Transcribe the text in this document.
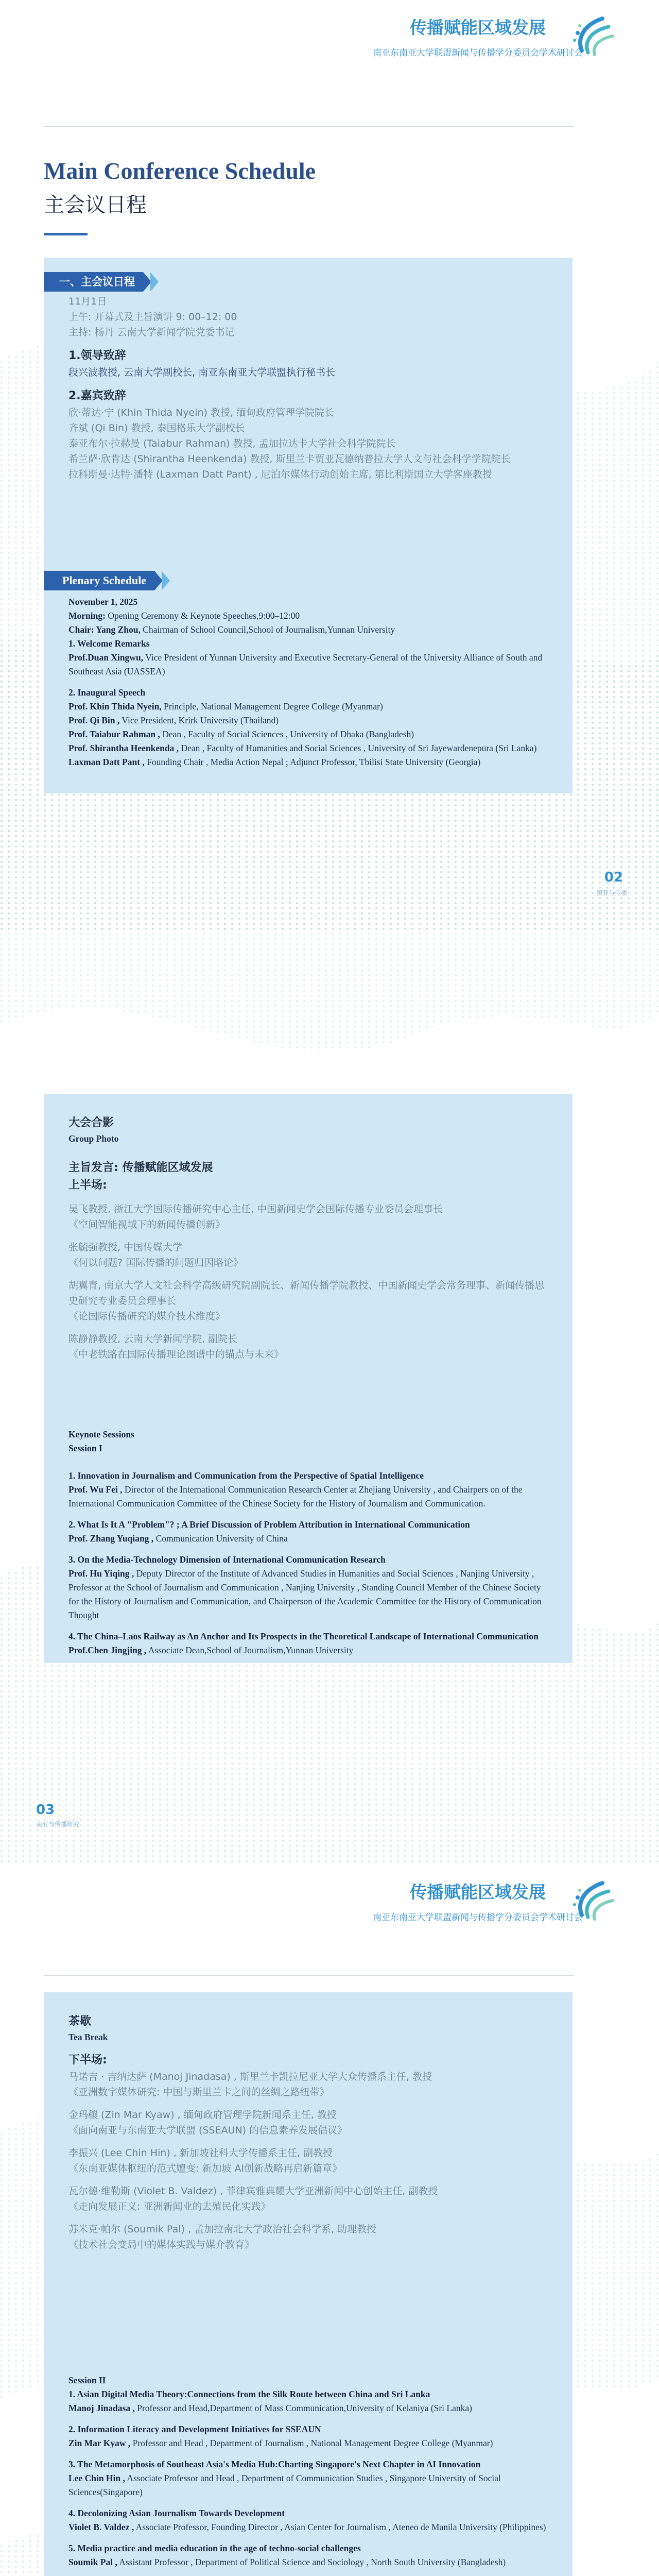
传播赋能区域发展
南亚东南亚大学联盟新闻与传播学分委员会学术研讨会
Main Conference Schedule
主会议日程
一、主会议日程
11月1日
上午: 开幕式及主旨演讲 9: 00–12: 00
主持: 杨丹 云南大学新闻学院党委书记
1.领导致辞
段兴波教授, 云南大学副校长, 南亚东南亚大学联盟执行秘书长
2.嘉宾致辞
欣·蒂达·宁 (Khin Thida Nyein) 教授, 缅甸政府管理学院院长
齐斌 (Qi Bin) 教授, 泰国格乐大学副校长
泰亚布尔·拉赫曼 (Taiabur Rahman) 教授, 孟加拉达卡大学社会科学院院长
希兰萨·欣肯达 (Shirantha Heenkenda) 教授, 斯里兰卡贾亚瓦德纳普拉大学人文与社会科学学院院长
拉科斯曼·达特·潘特 (Laxman Datt Pant) , 尼泊尔媒体行动创始主席, 第比利斯国立大学客座教授
Plenary Schedule
November 1, 2025
Morning: Opening Ceremony & Keynote Speeches,9:00–12:00
Chair: Yang Zhou, Chairman of School Council,School of Journalism,Yunnan University
1. Welcome Remarks
Prof.Duan Xingwu, Vice President of Yunnan University and Executive Secretary-General of the University Alliance of South and Southeast Asia (UASSEA)
2. Inaugural Speech
Prof. Khin Thida Nyein, Principle, National Management Degree College (Myanmar)
Prof. Qi Bin , Vice President, Krirk University (Thailand)
Prof. Taiabur Rahman , Dean , Faculty of Social Sciences , University of Dhaka (Bangladesh)
Prof. Shirantha Heenkenda , Dean , Faculty of Humanities and Social Sciences , University of Sri Jayewardenepura (Sri Lanka)
Laxman Datt Pant , Founding Chair , Media Action Nepal ; Adjunct Professor, Tbilisi State University (Georgia)
02
南亚与传播
大会合影
Group Photo
主旨发言: 传播赋能区域发展
上半场:
吴飞教授, 浙江大学国际传播研究中心主任, 中国新闻史学会国际传播专业委员会理事长
《空间智能视域下的新闻传播创新》
张毓强教授, 中国传媒大学
《何以问题? 国际传播的问题归因略论》
胡翼青, 南京大学人文社会科学高级研究院副院长、新闻传播学院教授、中国新闻史学会常务理事、新闻传播思史研究专业委员会理事长
《论国际传播研究的媒介技术维度》
陈静静教授, 云南大学新闻学院, 副院长
《中老铁路在国际传播理论图谱中的锚点与未来》
Keynote Sessions
Session I
1. Innovation in Journalism and Communication from the Perspective of Spatial Intelligence
Prof. Wu Fei , Director of the International Communication Research Center at Zhejiang University , and Chairpers on of the International Communication Committee of the Chinese Society for the History of Journalism and Communication.
2. What Is It A "Problem"? ; A Brief Discussion of Problem Attribution in International Communication
Prof. Zhang Yuqiang , Communication University of China
3. On the Media-Technology Dimension of International Communication Research
Prof. Hu Yiqing , Deputy Director of the Institute of Advanced Studies in Humanities and Social Sciences , Nanjing University , Professor at the School of Journalism and Communication , Nanjing University , Standing Council Member of the Chinese Society for the History of Journalism and Communication, and Chairperson of the Academic Committee for the History of Communication Thought
4. The China–Laos Railway as An Anchor and Its Prospects in the Theoretical Landscape of International Communication
Prof.Chen Jingjing , Associate Dean,School of Journalism,Yunnan University
03
南亚与传播研究
传播赋能区域发展
南亚东南亚大学联盟新闻与传播学分委员会学术研讨会
茶歇
Tea Break
下半场:
马诺吉 · 吉纳达萨 (Manoj Jinadasa) , 斯里兰卡凯拉尼亚大学大众传播系主任, 教授
《亚洲数字媒体研究: 中国与斯里兰卡之间的丝绸之路纽带》
金玛穰 (Zin Mar Kyaw) , 缅甸政府管理学院新闻系主任, 教授
《面向南亚与东南亚大学联盟 (SSEAUN) 的信息素养发展倡议》
李振兴 (Lee Chin Hin) , 新加坡社科大学传播系主任, 副教授
《东南亚媒体枢纽的范式嬗变: 新加坡 AI创新战略再启新篇章》
瓦尔德·维勒斯 (Violet B. Valdez) , 菲律宾雅典耀大学亚洲新闻中心创始主任, 副教授
《走向发展正义: 亚洲新闻业的去殖民化实践》
苏米克·帕尔 (Soumik Pal) , 孟加拉南北大学政治社会科学系, 助理教授
《技术社会变局中的媒体实践与媒介教育》
Session II
1. Asian Digital Media Theory:Connections from the Silk Route between China and Sri Lanka
Manoj Jinadasa , Professor and Head,Department of Mass Communication,University of Kelaniya (Sri Lanka)
2. Information Literacy and Development Initiatives for SSEAUN
Zin Mar Kyaw , Professor and Head , Department of Journalism , National Management Degree College (Myanmar)
3. The Metamorphosis of Southeast Asia's Media Hub:Charting Singapore's Next Chapter in AI Innovation
Lee Chin Hin , Associate Professor and Head , Department of Communication Studies , Singapore University of Social Sciences(Singapore)
4. Decolonizing Asian Journalism Towards Development
Violet B. Valdez , Associate Professor, Founding Director , Asian Center for Journalism , Ateneo de Manila University (Philippines)
5. Media practice and media education in the age of techno-social challenges
Soumik Pal , Assistant Professor , Department of Political Science and Sociology , North South University (Bangladesh)
